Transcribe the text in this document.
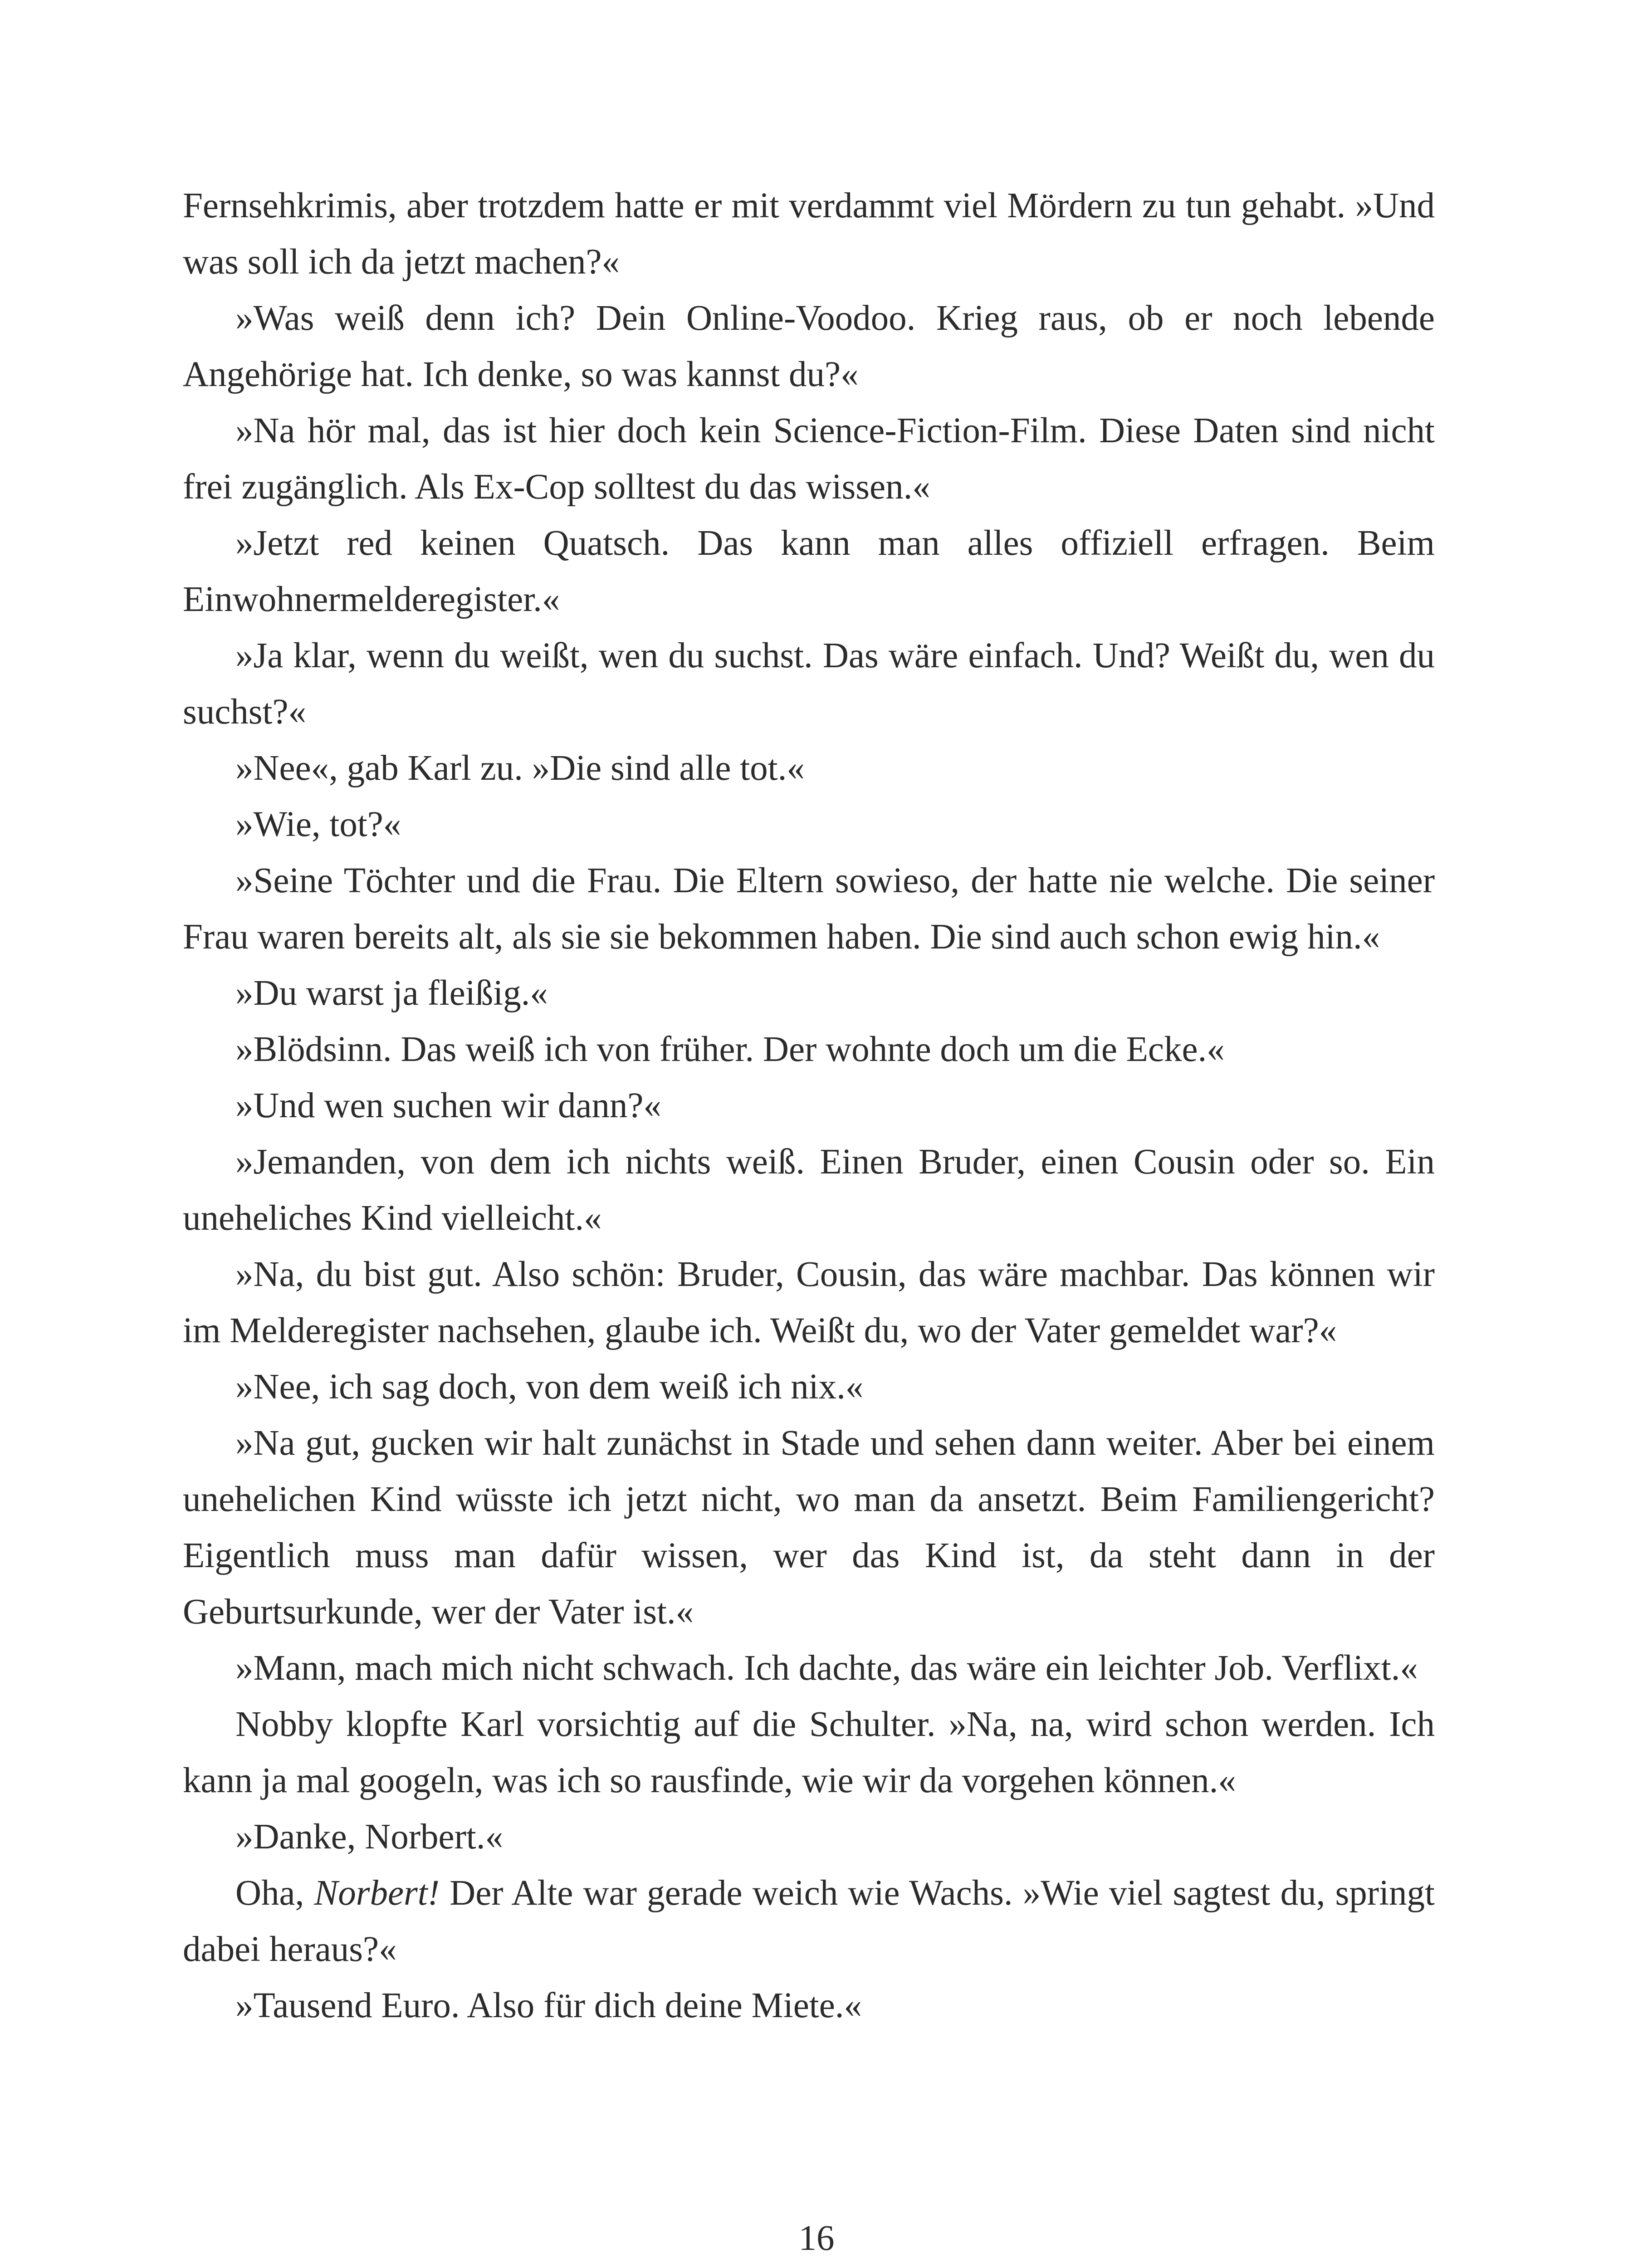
Fernsehkrimis, aber trotzdem hatte er mit verdammt viel Mördern zu tun gehabt. »Und was soll ich da jetzt machen?«

»Was weiß denn ich? Dein Online-Voodoo. Krieg raus, ob er noch lebende Angehörige hat. Ich denke, so was kannst du?«

»Na hör mal, das ist hier doch kein Science-Fiction-Film. Diese Daten sind nicht frei zugänglich. Als Ex-Cop solltest du das wissen.«

»Jetzt red keinen Quatsch. Das kann man alles offiziell erfragen. Beim Einwohnermelderegister.«

»Ja klar, wenn du weißt, wen du suchst. Das wäre einfach. Und? Weißt du, wen du suchst?«

»Nee«, gab Karl zu. »Die sind alle tot.«

»Wie, tot?«

»Seine Töchter und die Frau. Die Eltern sowieso, der hatte nie welche. Die seiner Frau waren bereits alt, als sie sie bekommen haben. Die sind auch schon ewig hin.«

»Du warst ja fleißig.«

»Blödsinn. Das weiß ich von früher. Der wohnte doch um die Ecke.«

»Und wen suchen wir dann?«

»Jemanden, von dem ich nichts weiß. Einen Bruder, einen Cousin oder so. Ein uneheliches Kind vielleicht.«

»Na, du bist gut. Also schön: Bruder, Cousin, das wäre machbar. Das können wir im Melderegister nachsehen, glaube ich. Weißt du, wo der Vater gemeldet war?«

»Nee, ich sag doch, von dem weiß ich nix.«

»Na gut, gucken wir halt zunächst in Stade und sehen dann weiter. Aber bei einem unehelichen Kind wüsste ich jetzt nicht, wo man da ansetzt. Beim Familiengericht? Eigentlich muss man dafür wissen, wer das Kind ist, da steht dann in der Geburtsurkunde, wer der Vater ist.«

»Mann, mach mich nicht schwach. Ich dachte, das wäre ein leichter Job. Verflixt.«

Nobby klopfte Karl vorsichtig auf die Schulter. »Na, na, wird schon werden. Ich kann ja mal googeln, was ich so rausfinde, wie wir da vorgehen können.«

»Danke, Norbert.«

Oha, Norbert! Der Alte war gerade weich wie Wachs. »Wie viel sagtest du, springt dabei heraus?«

»Tausend Euro. Also für dich deine Miete.«

16
